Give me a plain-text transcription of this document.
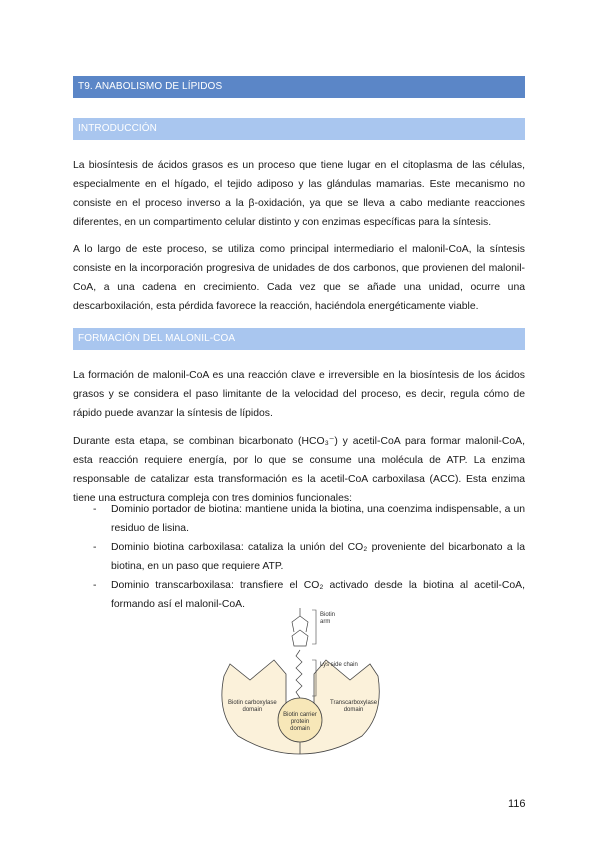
T9. ANABOLISMO DE LÍPIDOS
INTRODUCCIÓN

La biosíntesis de ácidos grasos es un proceso que tiene lugar en el citoplasma de las células, especialmente en el hígado, el tejido adiposo y las glándulas mamarias. Este mecanismo no consiste en el proceso inverso a la β-oxidación, ya que se lleva a cabo mediante reacciones diferentes, en un compartimento celular distinto y con enzimas específicas para la síntesis.

A lo largo de este proceso, se utiliza como principal intermediario el malonil-CoA, la síntesis consiste en la incorporación progresiva de unidades de dos carbonos, que provienen del malonil-CoA, a una cadena en crecimiento. Cada vez que se añade una unidad, ocurre una descarboxilación, esta pérdida favorece la reacción, haciéndola energéticamente viable.

FORMACIÓN DEL MALONIL-COA

La formación de malonil-CoA es una reacción clave e irreversible en la biosíntesis de los ácidos grasos y se considera el paso limitante de la velocidad del proceso, es decir, regula cómo de rápido puede avanzar la síntesis de lípidos.

Durante esta etapa, se combinan bicarbonato (HCO₃⁻) y acetil-CoA para formar malonil-CoA, esta reacción requiere energía, por lo que se consume una molécula de ATP. La enzima responsable de catalizar esta transformación es la acetil-CoA carboxilasa (ACC). Esta enzima tiene una estructura compleja con tres dominios funcionales:

- Dominio portador de biotina: mantiene unida la biotina, una coenzima indispensable, a un residuo de lisina.
- Dominio biotina carboxilasa: cataliza la unión del CO₂ proveniente del bicarbonato a la biotina, en un paso que requiere ATP.
- Dominio transcarboxilasa: transfiere el CO₂ activado desde la biotina al acetil-CoA, formando así el malonil-CoA.
Biotin
arm
Lys side chain
Biotin carboxylase
domain
Transcarboxylase
domain
Biotin carrier
protein
domain
116
